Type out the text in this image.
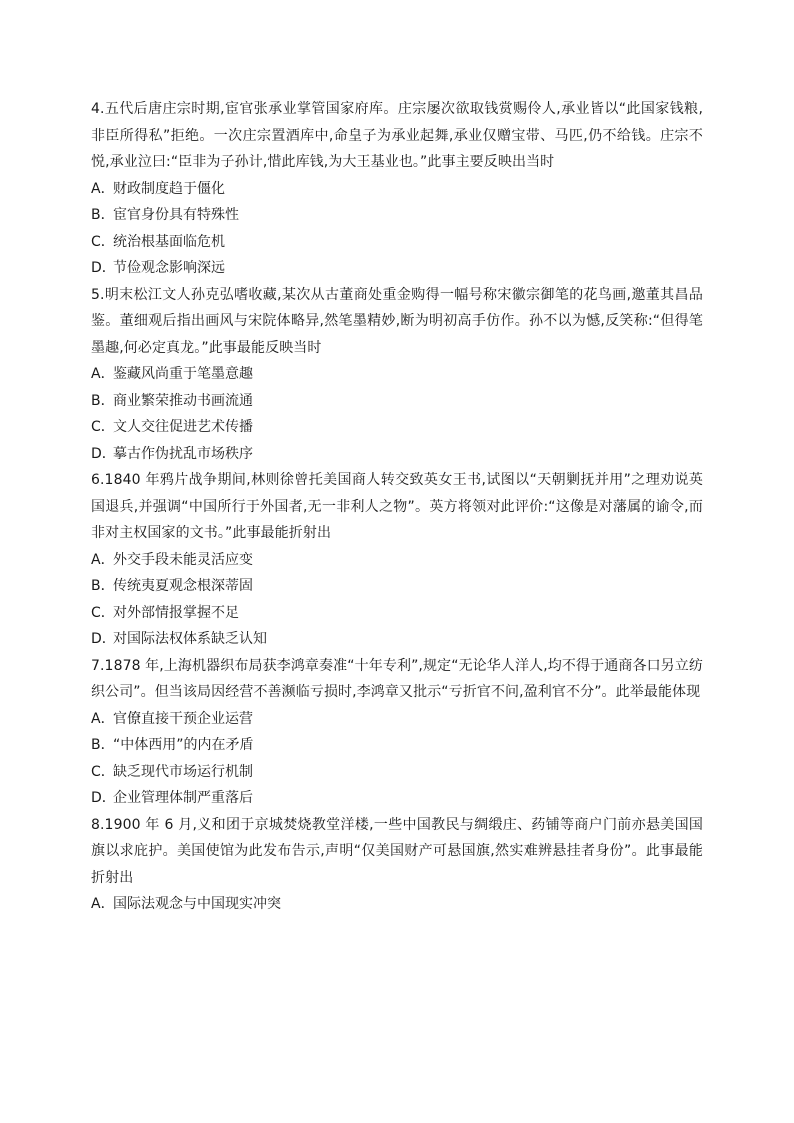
4.五代后唐庄宗时期,宦官张承业掌管国家府库。庄宗屡次欲取钱赏赐伶人,承业皆以“此国家钱粮,非臣所得私”拒绝。一次庄宗置酒库中,命皇子为承业起舞,承业仅赠宝带、马匹,仍不给钱。庄宗不悦,承业泣曰:“臣非为子孙计,惜此库钱,为大王基业也。”此事主要反映出当时

A．财政制度趋于僵化

B．宦官身份具有特殊性

C．统治根基面临危机

D．节俭观念影响深远

5.明末松江文人孙克弘嗜收藏,某次从古董商处重金购得一幅号称宋徽宗御笔的花鸟画,邀董其昌品鉴。董细观后指出画风与宋院体略异,然笔墨精妙,断为明初高手仿作。孙不以为憾,反笑称:“但得笔墨趣,何必定真龙。”此事最能反映当时

A．鉴藏风尚重于笔墨意趣

B．商业繁荣推动书画流通

C．文人交往促进艺术传播

D．摹古作伪扰乱市场秩序

6.1840 年鸦片战争期间,林则徐曾托美国商人转交致英女王书,试图以“天朝剿抚并用”之理劝说英国退兵,并强调“中国所行于外国者,无一非利人之物”。英方将领对此评价:“这像是对藩属的谕令,而非对主权国家的文书。”此事最能折射出

A．外交手段未能灵活应变

B．传统夷夏观念根深蒂固

C．对外部情报掌握不足

D．对国际法权体系缺乏认知

7.1878 年,上海机器织布局获李鸿章奏准“十年专利”,规定“无论华人洋人,均不得于通商各口另立纺织公司”。但当该局因经营不善濒临亏损时,李鸿章又批示“亏折官不问,盈利官不分”。此举最能体现

A．官僚直接干预企业运营

B．“中体西用”的内在矛盾

C．缺乏现代市场运行机制

D．企业管理体制严重落后

8.1900 年 6 月,义和团于京城焚烧教堂洋楼,一些中国教民与绸缎庄、药铺等商户门前亦悬美国国旗以求庇护。美国使馆为此发布告示,声明“仅美国财产可悬国旗,然实难辨悬挂者身份”。此事最能折射出

A．国际法观念与中国现实冲突
